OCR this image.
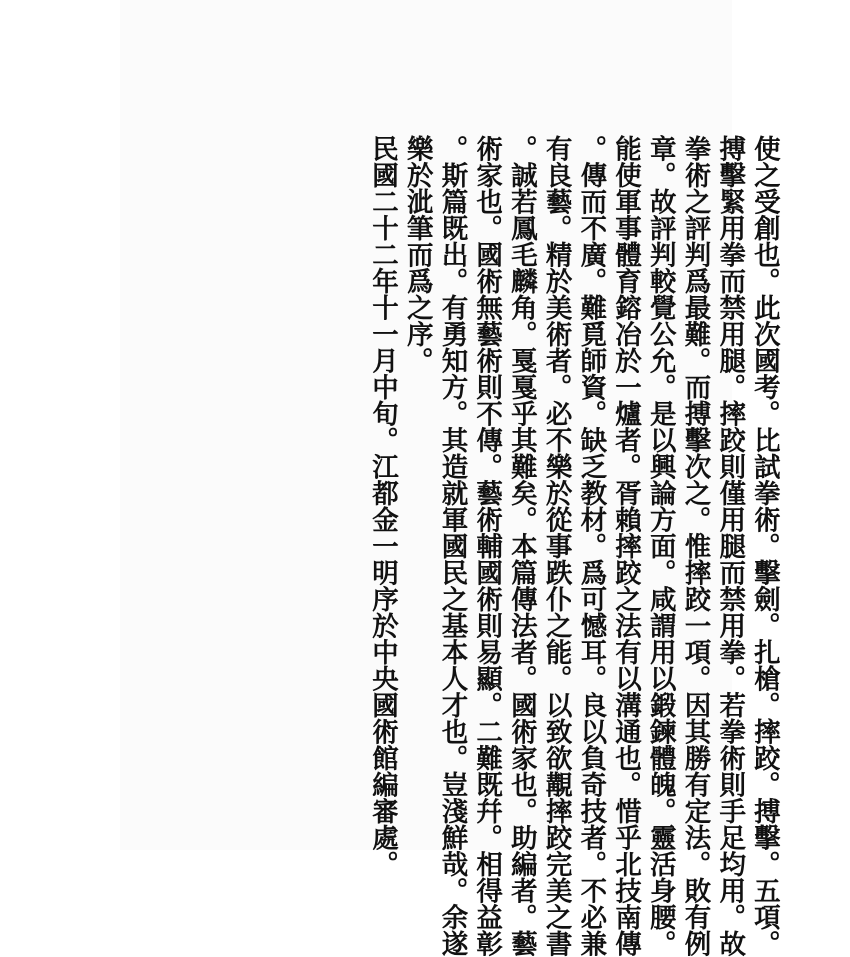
使之受創也。此次國考。比試拳術。擊劍。扎槍。摔跤。搏擊。五項。
搏擊緊用拳而禁用腿。摔跤則僅用腿而禁用拳。若拳術則手足均用。故
拳術之評判爲最難。而搏擊次之。惟摔跤一項。因其勝有定法。敗有例
章。故評判較覺公允。是以興論方面。咸謂用以鍛鍊體魄。靈活身腰。
能使軍事體育鎔冶於一爐者。胥賴摔跤之法有以溝通也。惜乎北技南傳
。傳而不廣。難覓師資。缺乏教材。爲可憾耳。良以負奇技者。不必兼
有良藝。精於美術者。必不樂於從事跌仆之能。以致欲覯摔跤完美之書
。誠若鳳毛麟角。戛戛乎其難矣。本篇傳法者。國術家也。助編者。藝
術家也。國術無藝術則不傳。藝術輔國術則易顯。二難既幷。相得益彰
。斯篇既出。有勇知方。其造就軍國民之基本人才也。豈淺鮮哉。余遂
樂於泚筆而爲之序。
民國二十二年十一月中旬。江都金一明序於中央國術館編審處。
